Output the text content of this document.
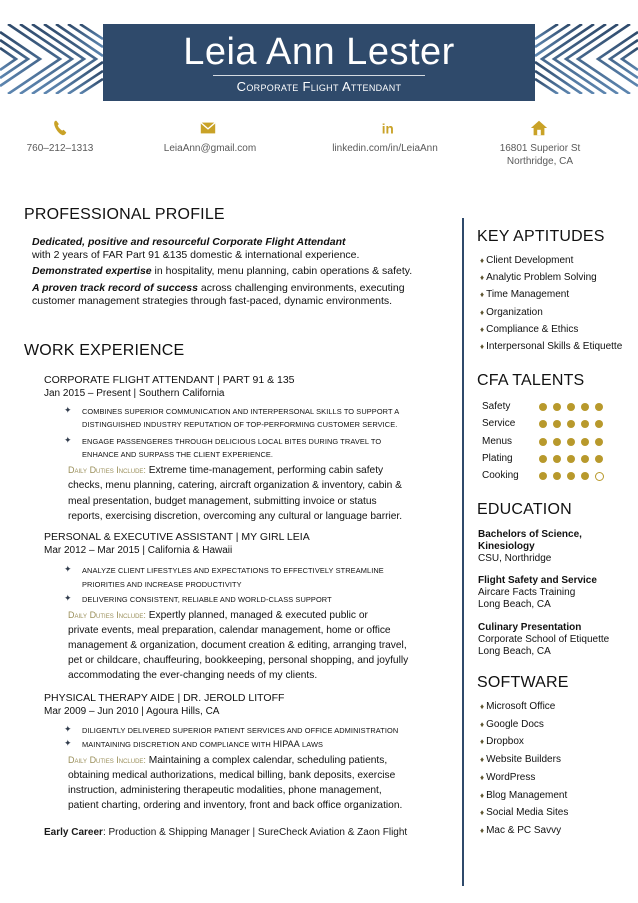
Leia Ann Lester
Corporate Flight Attendant
in
760–212–1313	LeiaAnn@gmail.com	linkedin.com/in/LeiaAnn	16801 Superior St
Northridge, CA
PROFESSIONAL PROFILE
Dedicated, positive and resourceful Corporate Flight Attendant
with 2 years of FAR Part 91 &135 domestic & international experience.
Demonstrated expertise in hospitality, menu planning, cabin operations & safety.
A proven track record of success across challenging environments, executing
customer management strategies through fast-paced, dynamic environments.
WORK EXPERIENCE
CORPORATE FLIGHT ATTENDANT | PART 91 & 135
Jan 2015 – Present | Southern California
✦ COMBINES SUPERIOR COMMUNICATION AND INTERPERSONAL SKILLS TO SUPPORT A
DISTINGUISHED INDUSTRY REPUTATION OF TOP-PERFORMING CUSTOMER SERVICE.
✦ ENGAGE PASSENGERES THROUGH DELICIOUS LOCAL BITES DURING TRAVEL TO
ENHANCE AND SURPASS THE CLIENT EXPERIENCE.
Daily Duties Include: Extreme time-management, performing cabin safety
checks, menu planning, catering, aircraft organization & inventory, cabin &
meal presentation, budget management, submitting invoice or status
reports, exercising discretion, overcoming any cultural or language barrier.
PERSONAL & EXECUTIVE ASSISTANT | MY GIRL LEIA
Mar 2012 – Mar 2015 | California & Hawaii
✦ ANALYZE CLIENT LIFESTYLES AND EXPECTATIONS TO EFFECTIVELY STREAMLINE
PRIORITIES AND INCREASE PRODUCTIVITY
✦ DELIVERING CONSISTENT, RELIABLE AND WORLD-CLASS SUPPORT
Daily Duties Include: Expertly planned, managed & executed public or
private events, meal preparation, calendar management, home or office
management & organization, document creation & editing, arranging travel,
pet or childcare, chauffeuring, bookkeeping, personal shopping, and joyfully
accommodating the ever-changing needs of my clients.
PHYSICAL THERAPY AIDE | DR. JEROLD LITOFF
Mar 2009 – Jun 2010 | Agoura Hills, CA
✦ DILIGENTLY DELIVERED SUPERIOR PATIENT SERVICES AND OFFICE ADMINISTRATION
✦ MAINTAINING DISCRETION AND COMPLIANCE WITH HIPAA LAWS
Daily Duties Include: Maintaining a complex calendar, scheduling patients,
obtaining medical authorizations, medical billing, bank deposits, exercise
instruction, administering therapeutic modalities, phone management,
patient charting, ordering and inventory, front and back office organization.
Early Career: Production & Shipping Manager | SureCheck Aviation & Zaon Flight
KEY APTITUDES
♦ Client Development
♦ Analytic Problem Solving
♦ Time Management
♦ Organization
♦ Compliance & Ethics
♦ Interpersonal Skills & Etiquette
CFA TALENTS
Safety
Service
Menus
Plating
Cooking
EDUCATION
Bachelors of Science,
Kinesiology
CSU, Northridge
Flight Safety and Service
Aircare Facts Training
Long Beach, CA
Culinary Presentation
Corporate School of Etiquette
Long Beach, CA
SOFTWARE
♦ Microsoft Office
♦ Google Docs
♦ Dropbox
♦ Website Builders
♦ WordPress
♦ Blog Management
♦ Social Media Sites
♦ Mac & PC Savvy
